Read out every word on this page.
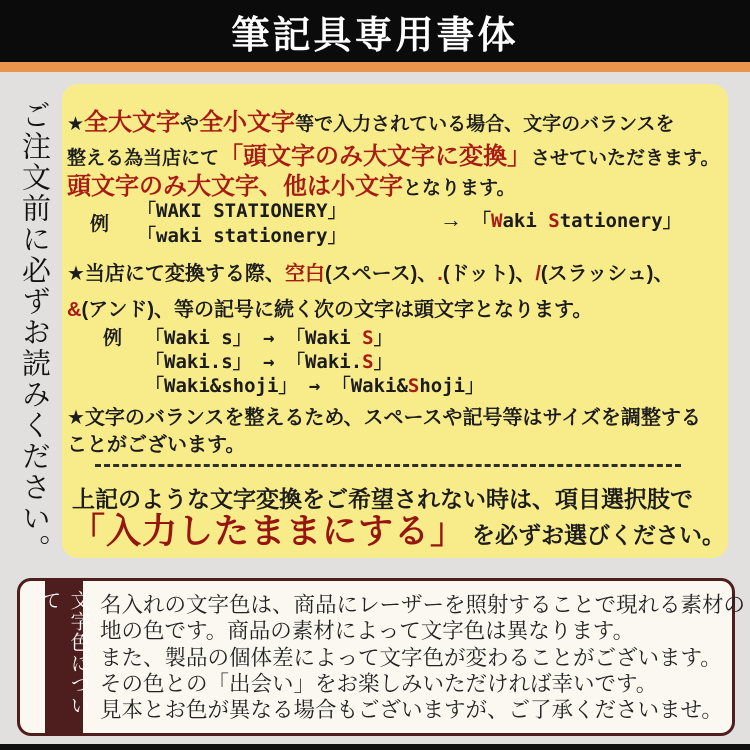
筆記具専用書体
ご注文前に必ずお読みください。 ★ 全大文字 や 全小文字 等で入力されている場合、文字のバランスを
整える為当店にて 「頭文字のみ大文字に変換」 させていただきます。
頭文字のみ大文字、他は小文字 となります。
例
「WAKI STATIONERY」
「waki stationery」
→ 「Waki Stationery」
★当店にて変換する際、 空白 (スペース)、 . (ドット)、 / (スラッシュ)、
& (アンド)、等の記号に続く次の文字は頭文字となります。
例 「Waki s」 → 「Waki S」
「Waki.s」 → 「Waki.S」
「Waki&shoji」 → 「Waki&Shoji」
★文字のバランスを整えるため、スペースや記号等はサイズを調整する
ことがございます。
上記のような文字変換をご希望されない時は、項目選択肢で
「入力したままにする」 を必ずお選びください。
文字色について	名入れの文字色は、商品にレーザーを照射することで現れる素材の
地の色です。商品の素材によって文字色は異なります。
また、製品の個体差によって文字色が変わることがございます。
その色との「出会い」をお楽しみいただければ幸いです。
見本とお色が異なる場合もございますが、ご了承くださいませ。
